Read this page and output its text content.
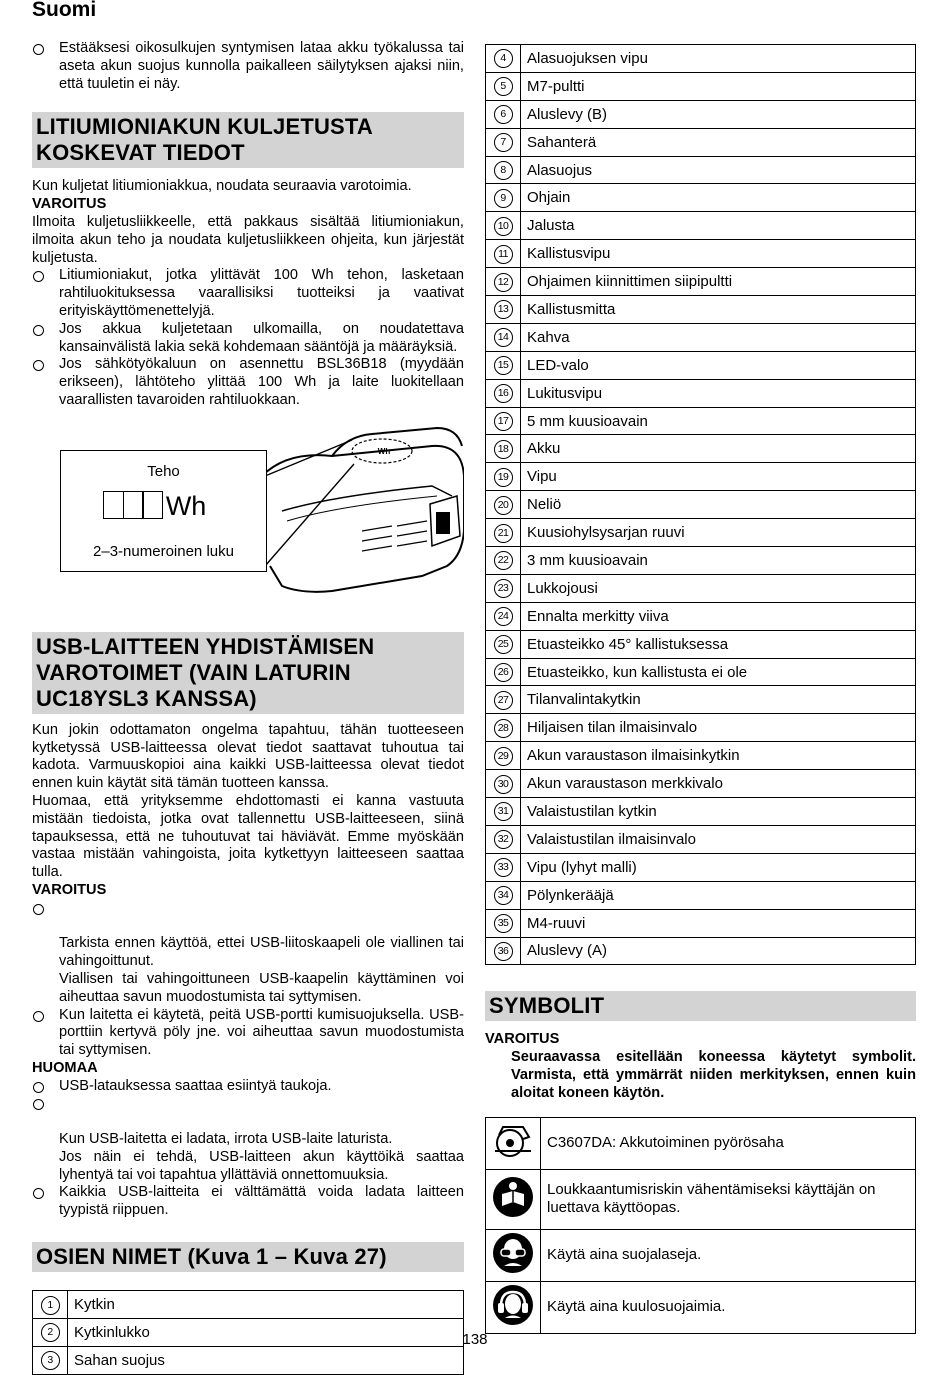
Suomi
Estääksesi oikosulkujen syntymisen lataa akku työkalussa tai aseta akun suojus kunnolla paikalleen säilytyksen ajaksi niin, että tuuletin ei näy.
LITIUMIONIAKUN KULJETUSTA
KOSKEVAT TIEDOT

Kun kuljetat litiumioniakkua, noudata seuraavia varotoimia.

VAROITUS

Ilmoita kuljetusliikkeelle, että pakkaus sisältää litiumioniakun, ilmoita akun teho ja noudata kuljetusliikkeen ohjeita, kun järjestät kuljetusta.

Litiumioniakut, jotka ylittävät 100 Wh tehon, lasketaan rahtiluokituksessa vaarallisiksi tuotteiksi ja vaativat erityiskäyttömenettelyjä.
Jos akkua kuljetetaan ulkomailla, on noudatettava kansainvälistä lakia sekä kohdemaan sääntöjä ja määräyksiä.
Jos sähkötyökaluun on asennettu BSL36B18 (myydään erikseen), lähtöteho ylittää 100 Wh ja laite luokitellaan vaarallisten tavaroiden rahtiluokkaan.
Wh
Teho
Wh
2–3-numeroinen luku
USB-LAITTEEN YHDISTÄMISEN
VAROTOIMET (VAIN LATURIN
UC18YSL3 KANSSA)

Kun jokin odottamaton ongelma tapahtuu, tähän tuotteeseen kytketyssä USB-laitteessa olevat tiedot saattavat tuhoutua tai kadota. Varmuuskopioi aina kaikki USB-laitteessa olevat tiedot ennen kuin käytät sitä tämän tuotteen kanssa.

Huomaa, että yrityksemme ehdottomasti ei kanna vastuuta mistään tiedoista, jotka ovat tallennettu USB-laitteeseen, siinä tapauksessa, että ne tuhoutuvat tai häviävät. Emme myöskään vastaa mistään vahingoista, joita kytkettyyn laitteeseen saattaa tulla.

VAROITUS

Tarkista ennen käyttöä, ettei USB-liitoskaapeli ole viallinen tai vahingoittunut.
Viallisen tai vahingoittuneen USB-kaapelin käyttäminen voi aiheuttaa savun muodostumista tai syttymisen.

Kun laitetta ei käytetä, peitä USB-portti kumisuojuksella. USB-porttiin kertyvä pöly jne. voi aiheuttaa savun muodostumista tai syttymisen.

HUOMAA

USB-latauksessa saattaa esiintyä taukoja.

Kun USB-laitetta ei ladata, irrota USB-laite laturista.
Jos näin ei tehdä, USB-laitteen akun käyttöikä saattaa lyhentyä tai voi tapahtua yllättäviä onnettomuuksia.

Kaikkia USB-laitteita ei välttämättä voida ladata laitteen tyypistä riippuen.
OSIEN NIMET (Kuva 1 – Kuva 27)
1	Kytkin
2	Kytkinlukko
3	Sahan suojus
4	Alasuojuksen vipu
5	M7-pultti
6	Aluslevy (B)
7	Sahanterä
8	Alasuojus
9	Ohjain
10	Jalusta
11	Kallistusvipu
12	Ohjaimen kiinnittimen siipipultti
13	Kallistusmitta
14	Kahva
15	LED-valo
16	Lukitusvipu
17	5 mm kuusioavain
18	Akku
19	Vipu
20	Neliö
21	Kuusiohylsysarjan ruuvi
22	3 mm kuusioavain
23	Lukkojousi
24	Ennalta merkitty viiva
25	Etuasteikko 45° kallistuksessa
26	Etuasteikko, kun kallistusta ei ole
27	Tilanvalintakytkin
28	Hiljaisen tilan ilmaisinvalo
29	Akun varaustason ilmaisinkytkin
30	Akun varaustason merkkivalo
31	Valaistustilan kytkin
32	Valaistustilan ilmaisinvalo
33	Vipu (lyhyt malli)
34	Pölynkerääjä
35	M4-ruuvi
36	Aluslevy (A)
SYMBOLIT

VAROITUS

Seuraavassa esitellään koneessa käytetyt symbolit. Varmista, että ymmärrät niiden merkityksen, ennen kuin aloitat koneen käytön.

	C3607DA: Akkutoiminen pyörösaha
	Loukkaantumisriskin vähentämiseksi käyttäjän on luettava käyttöopas.
	Käytä aina suojalaseja.
	Käytä aina kuulosuojaimia.
138
